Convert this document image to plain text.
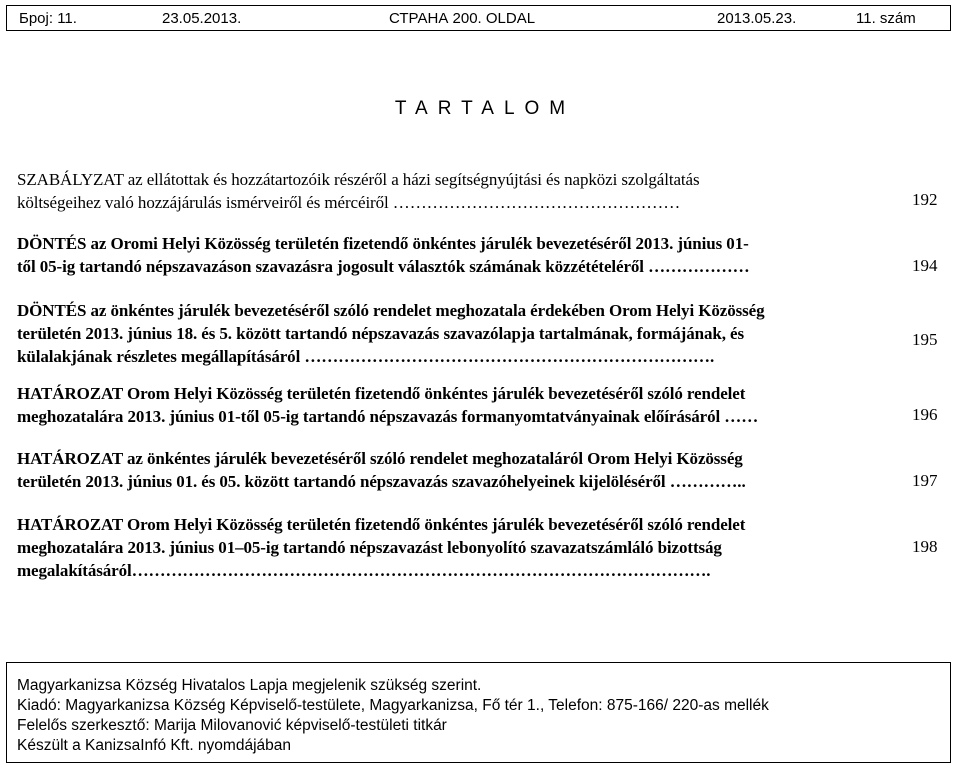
Број: 11.	23.05.2013.	СТРАНА 200. OLDAL	2013.05.23.	11. szám
TARTALOM
SZABÁLYZAT az ellátottak és hozzátartozóik részéről a házi segítségnyújtási és napközi szolgáltatás
költségeihez való hozzájárulás ismérveiről és mércéiről ……………………………………………	192
DÖNTÉS az Oromi Helyi Közösség területén fizetendő önkéntes járulék bevezetéséről 2013. június 01-
től 05-ig tartandó népszavazáson szavazásra jogosult választók számának közzétételéről ………………	194
DÖNTÉS az önkéntes járulék bevezetéséről szóló rendelet meghozatala érdekében Orom Helyi Közösség
területén 2013. június 18. és 5. között tartandó népszavazás szavazólapja tartalmának, formájának, és
külalakjának részletes megállapításáról ……………………………………………………………….
195
HATÁROZAT Orom Helyi Közösség területén fizetendő önkéntes járulék bevezetéséről szóló rendelet
meghozatalára 2013. június 01-től 05-ig tartandó népszavazás formanyomtatványainak előírásáról ……	196
HATÁROZAT az önkéntes járulék bevezetéséről szóló rendelet meghozataláról Orom Helyi Közösség
területén 2013. június 01. és 05. között tartandó népszavazás szavazóhelyeinek kijelöléséről …………..	197
HATÁROZAT Orom Helyi Közösség területén fizetendő önkéntes járulék bevezetéséről szóló rendelet
meghozatalára 2013. június 01–05-ig tartandó népszavazást lebonyolító szavazatszámláló bizottság
megalakításáról………………………………………………………………………………………….
198
Magyarkanizsa Község Hivatalos Lapja megjelenik szükség szerint.
Kiadó: Magyarkanizsa Község Képviselő-testülete, Magyarkanizsa, Fő tér 1., Telefon: 875-166/ 220-as mellék
Felelős szerkesztő: Marija Milovanović képviselő-testületi titkár
Készült a KanizsaInfó Kft. nyomdájában
